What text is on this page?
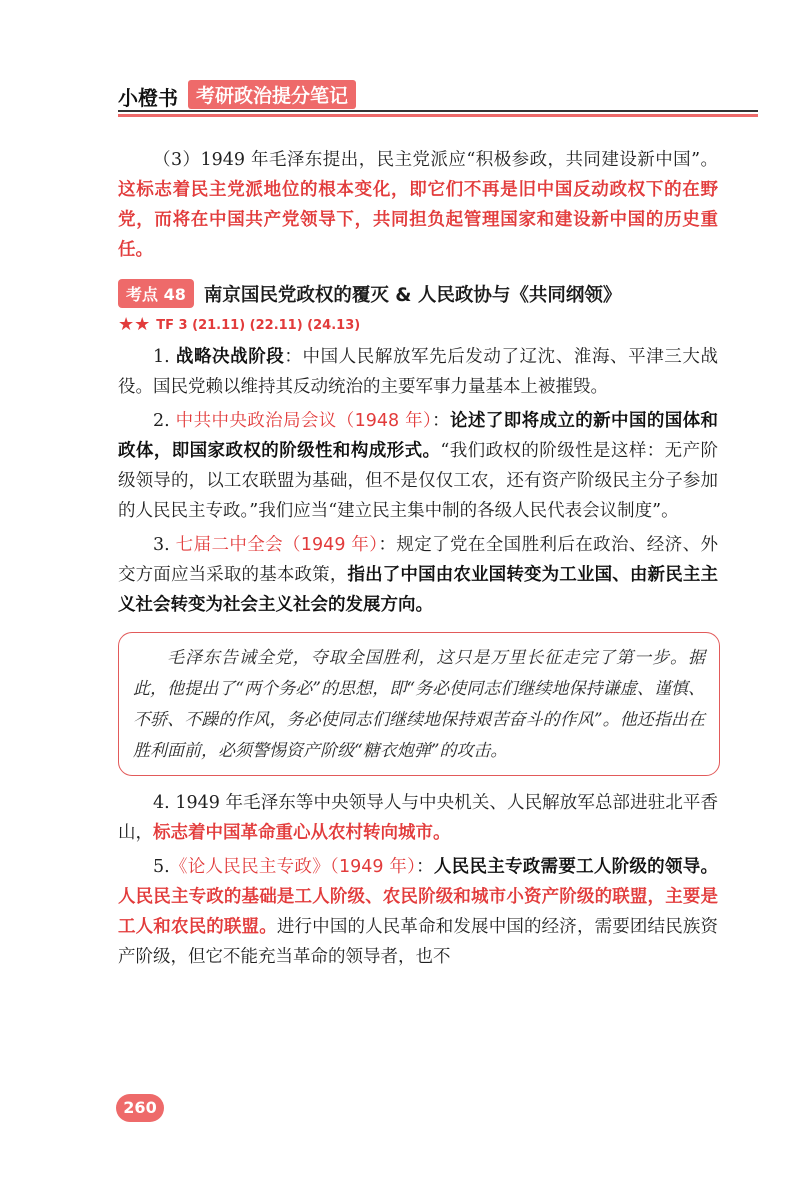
小橙书 考研政治提分笔记

（3）1949 年毛泽东提出，民主党派应“积极参政，共同建设新中国”。这标志着民主党派地位的根本变化，即它们不再是旧中国反动政权下的在野党，而将在中国共产党领导下，共同担负起管理国家和建设新中国的历史重任。

考点 48 南京国民党政权的覆灭 & 人民政协与《共同纲领》
★★ TF 3 (21.11) (22.11) (24.13)

1. 战略决战阶段：中国人民解放军先后发动了辽沈、淮海、平津三大战役。国民党赖以维持其反动统治的主要军事力量基本上被摧毁。

2. 中共中央政治局会议（1948 年）：论述了即将成立的新中国的国体和政体，即国家政权的阶级性和构成形式。“我们政权的阶级性是这样：无产阶级领导的，以工农联盟为基础，但不是仅仅工农，还有资产阶级民主分子参加的人民民主专政。”我们应当“建立民主集中制的各级人民代表会议制度”。

3. 七届二中全会（1949 年）：规定了党在全国胜利后在政治、经济、外交方面应当采取的基本政策，指出了中国由农业国转变为工业国、由新民主主义社会转变为社会主义社会的发展方向。

毛泽东告诫全党，夺取全国胜利，这只是万里长征走完了第一步。据此，他提出了“两个务必”的思想，即“务必使同志们继续地保持谦虚、谨慎、不骄、不躁的作风，务必使同志们继续地保持艰苦奋斗的作风”。他还指出在胜利面前，必须警惕资产阶级“糖衣炮弹”的攻击。

4. 1949 年毛泽东等中央领导人与中央机关、人民解放军总部进驻北平香山，标志着中国革命重心从农村转向城市。

5.《论人民民主专政》（1949 年）：人民民主专政需要工人阶级的领导。人民民主专政的基础是工人阶级、农民阶级和城市小资产阶级的联盟，主要是工人和农民的联盟。进行中国的人民革命和发展中国的经济，需要团结民族资产阶级，但它不能充当革命的领导者，也不

260
